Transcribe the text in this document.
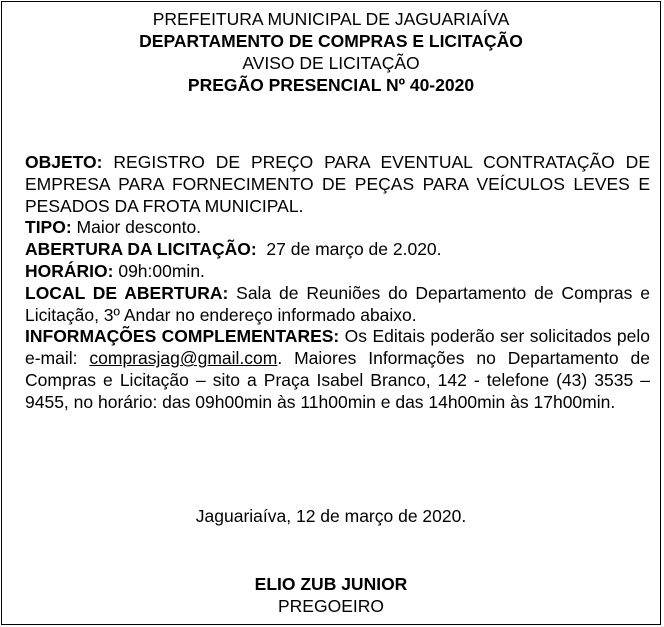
PREFEITURA MUNICIPAL DE JAGUARIAÍVA
DEPARTAMENTO DE COMPRAS E LICITAÇÃO
AVISO DE LICITAÇÃO
PREGÃO PRESENCIAL Nº 40-2020

OBJETO: REGISTRO DE PREÇO PARA EVENTUAL CONTRATAÇÃO DE EMPRESA PARA FORNECIMENTO DE PEÇAS PARA VEÍCULOS LEVES E PESADOS DA FROTA MUNICIPAL.

TIPO: Maior desconto.

ABERTURA DA LICITAÇÃO:  27 de março de 2.020.

HORÁRIO: 09h:00min.

LOCAL DE ABERTURA: Sala de Reuniões do Departamento de Compras e Licitação, 3º Andar no endereço informado abaixo.

INFORMAÇÕES COMPLEMENTARES: Os Editais poderão ser solicitados pelo e-mail: comprasjag@gmail.com. Maiores Informações no Departamento de Compras e Licitação – sito a Praça Isabel Branco, 142 - telefone (43) 3535 – 9455, no horário: das 09h00min às 11h00min e das 14h00min às 17h00min.

Jaguariaíva, 12 de março de 2020.
ELIO ZUB JUNIOR
PREGOEIRO
